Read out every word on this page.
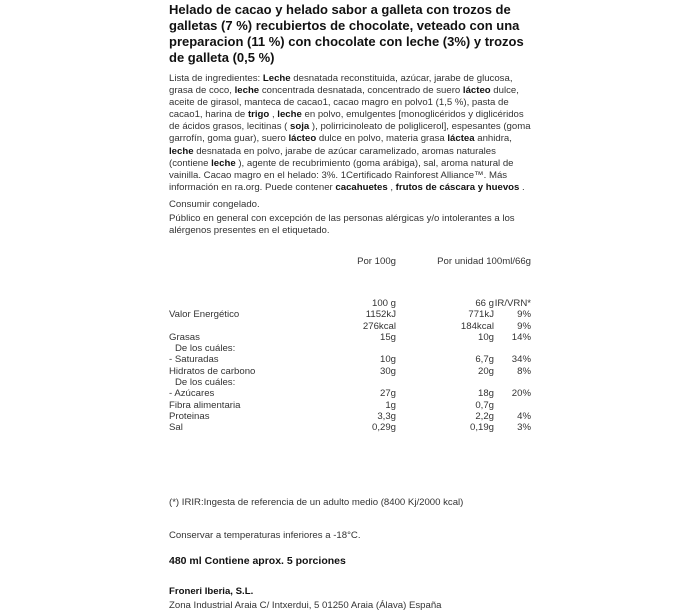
Helado de cacao y helado sabor a galleta con trozos de galletas (7 %) recubiertos de chocolate, veteado con una preparacion (11 %) con chocolate con leche (3%) y trozos de galleta (0,5 %)
Lista de ingredientes: Leche desnatada reconstituida, azúcar, jarabe de glucosa, grasa de coco, leche concentrada desnatada, concentrado de suero lácteo dulce, aceite de girasol, manteca de cacao1, cacao magro en polvo1 (1,5 %), pasta de cacao1, harina de trigo , leche en polvo, emulgentes [monoglicéridos y diglicéridos de ácidos grasos, lecitinas ( soja ), polirricinoleato de poliglicerol], espesantes (goma garrofín, goma guar), suero lácteo dulce en polvo, materia grasa láctea anhidra, leche desnatada en polvo, jarabe de azúcar caramelizado, aromas naturales (contiene leche ), agente de recubrimiento (goma arábiga), sal, aroma natural de vainilla. Cacao magro en el helado: 3%. 1Certificado Rainforest Alliance™. Más información en ra.org. Puede contener cacahuetes , frutos de cáscara y huevos .
Consumir congelado.
Público en general con excepción de las personas alérgicas y/o intolerantes a los alérgenos presentes en el etiquetado.
Por 100g	Por unidad 100ml/66g
100 g	66 g IR/VRN*
Valor Energético	1152kJ	771kJ 9%
276kcal	184kcal 9%
Grasas	15g	10g 14%
De los cuáles:
- Saturadas	10g	6,7g 34%
Hidratos de carbono	30g	20g 8%
De los cuáles:
- Azúcares	27g	18g 20%
Fibra alimentaria	1g	0,7g
Proteinas	3,3g	2,2g 4%
Sal	0,29g	0,19g 3%
(*) IRIR:Ingesta de referencia de un adulto medio (8400 Kj/2000 kcal)
Conservar a temperaturas inferiores a -18°C.
480 ml Contiene aprox. 5 porciones
Froneri Iberia, S.L.
Zona Industrial Araia C/ Intxerdui, 5 01250 Araia (Álava) España
